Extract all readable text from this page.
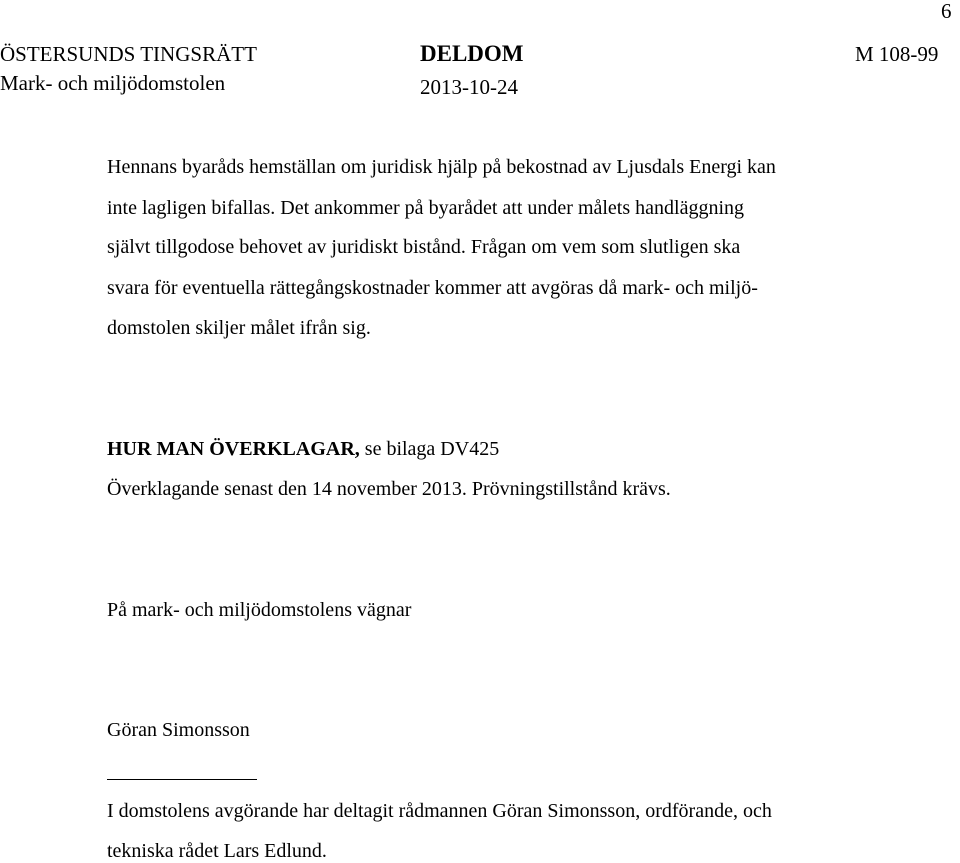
6
ÖSTERSUNDS TINGSRÄTT
Mark- och miljödomstolen
DELDOM
2013-10-24
M 108-99
Hennans byaråds hemställan om juridisk hjälp på bekostnad av Ljusdals Energi kan
inte lagligen bifallas. Det ankommer på byarådet att under målets handläggning
självt tillgodose behovet av juridiskt bistånd. Frågan om vem som slutligen ska
svara för eventuella rättegångskostnader kommer att avgöras då mark- och miljö-
domstolen skiljer målet ifrån sig.
HUR MAN ÖVERKLAGAR, se bilaga DV425
Överklagande senast den 14 november 2013. Prövningstillstånd krävs.
På mark- och miljödomstolens vägnar
Göran Simonsson
I domstolens avgörande har deltagit rådmannen Göran Simonsson, ordförande, och
tekniska rådet Lars Edlund.
